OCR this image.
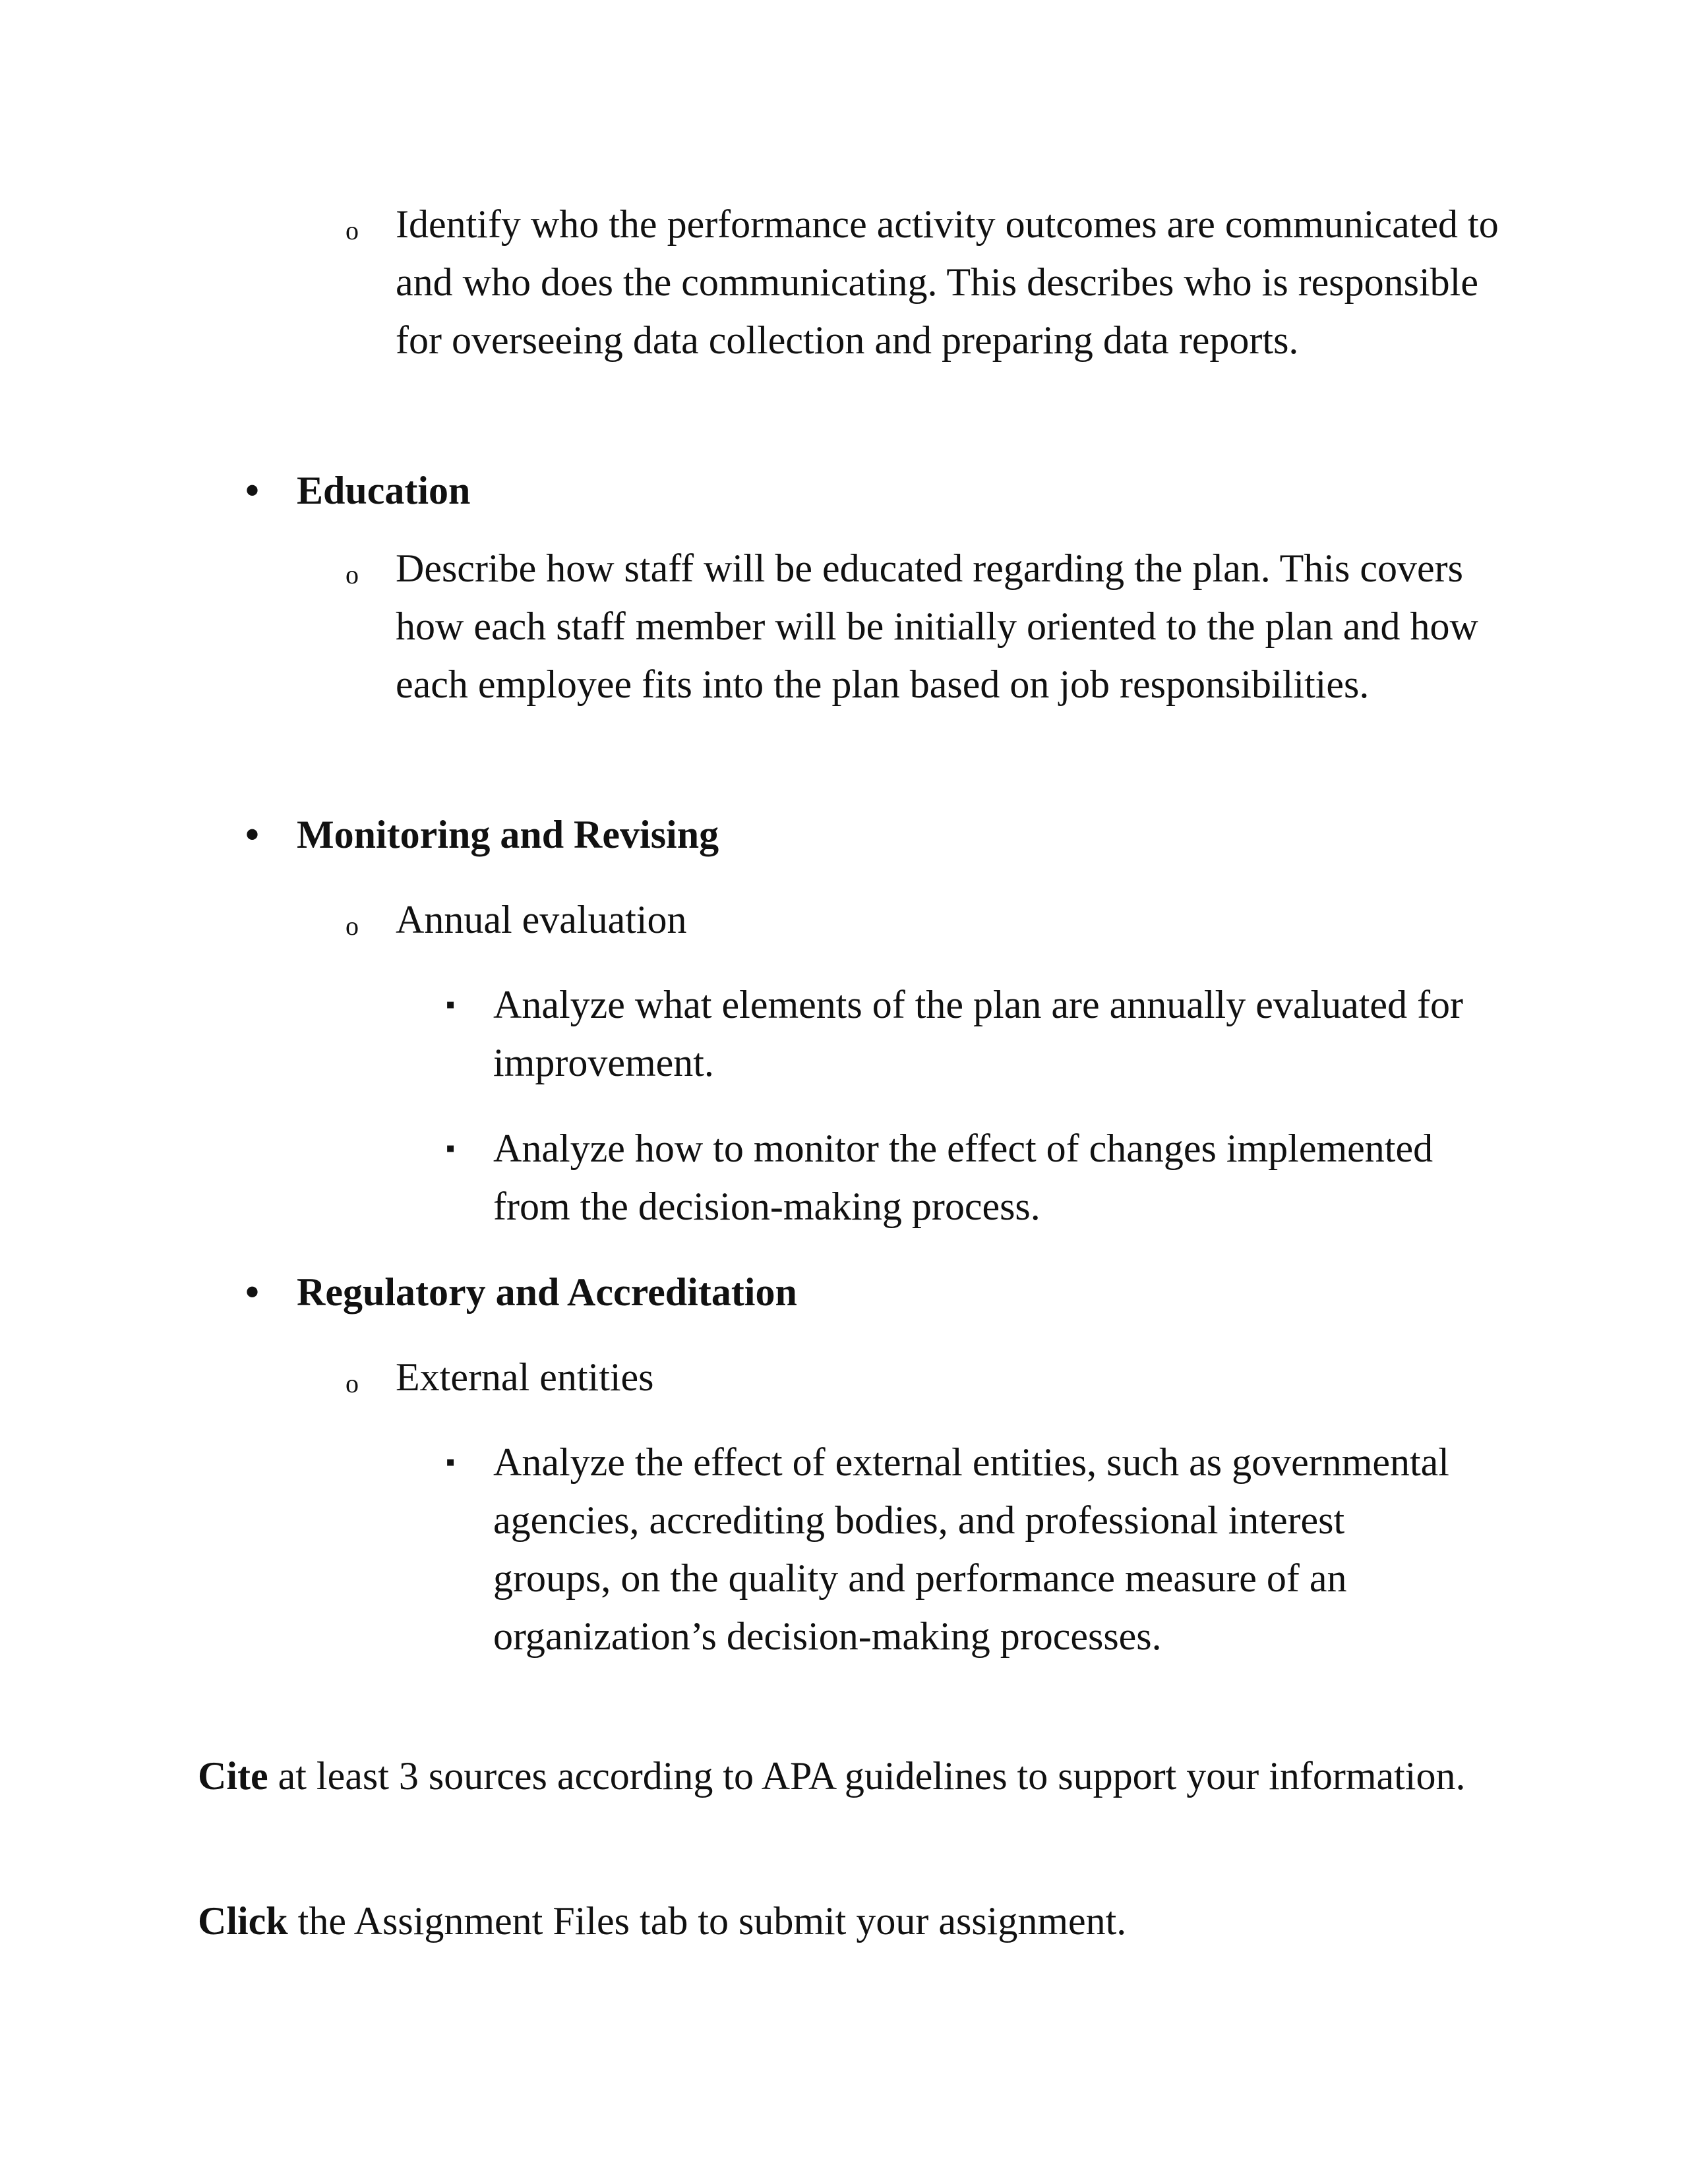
o Identify who the performance activity outcomes are communicated to and who does the communicating. This describes who is responsible for overseeing data collection and preparing data reports.
• Education
o Describe how staff will be educated regarding the plan. This covers how each staff member will be initially oriented to the plan and how each employee fits into the plan based on job responsibilities.
• Monitoring and Revising
o Annual evaluation
▪ Analyze what elements of the plan are annually evaluated for improvement.
▪ Analyze how to monitor the effect of changes implemented from the decision-making process.
• Regulatory and Accreditation
o External entities
▪ Analyze the effect of external entities, such as governmental agencies, accrediting bodies, and professional interest groups, on the quality and performance measure of an organization’s decision-making processes.
Cite at least 3 sources according to APA guidelines to support your information.
Click the Assignment Files tab to submit your assignment.
